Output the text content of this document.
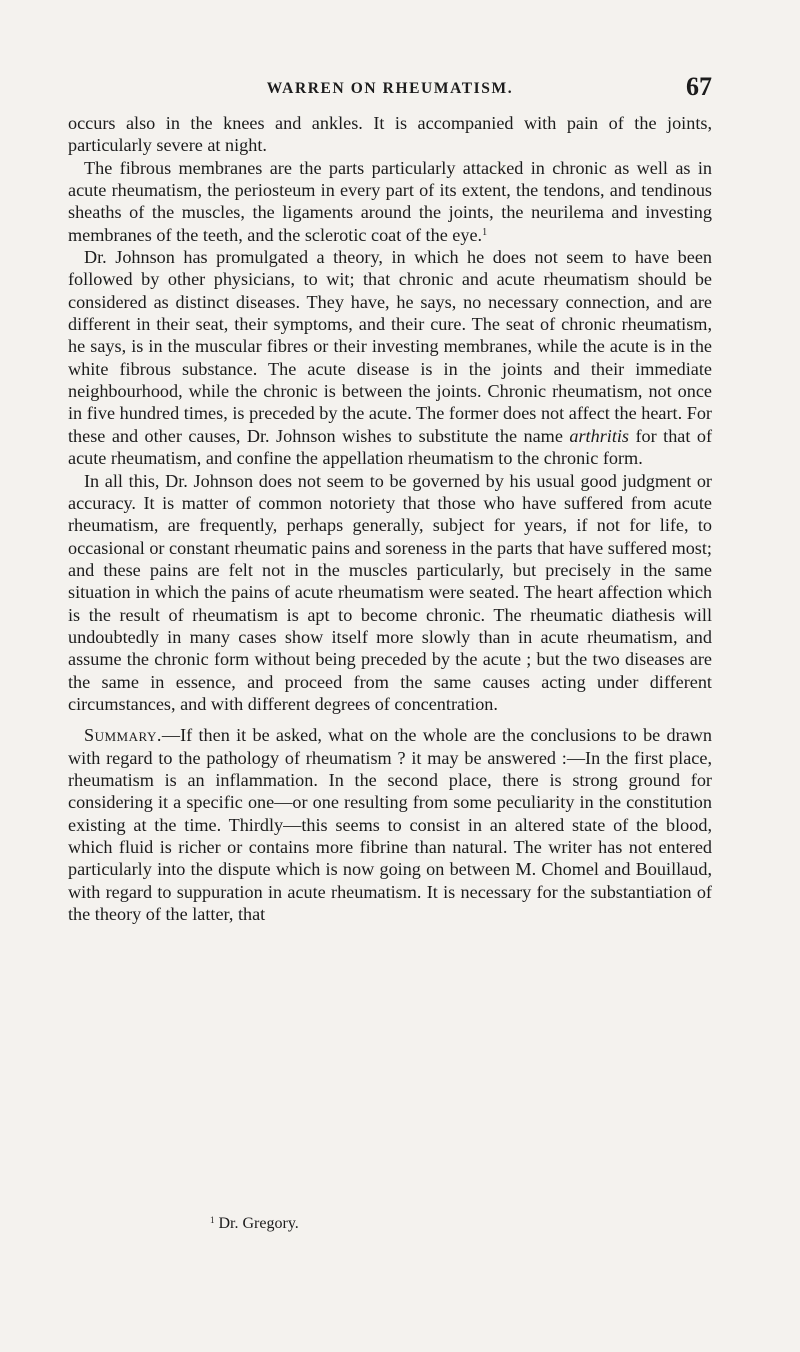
WARREN ON RHEUMATISM.	67

occurs also in the knees and ankles. It is accompanied with pain of the joints, particularly severe at night.

The fibrous membranes are the parts particularly attacked in chronic as well as in acute rheumatism, the periosteum in every part of its extent, the tendons, and tendinous sheaths of the muscles, the ligaments around the joints, the neurilema and investing membranes of the teeth, and the sclerotic coat of the eye.$^1$

Dr. Johnson has promulgated a theory, in which he does not seem to have been followed by other physicians, to wit; that chronic and acute rheumatism should be considered as distinct diseases. They have, he says, no necessary connection, and are different in their seat, their symptoms, and their cure. The seat of chronic rheumatism, he says, is in the muscular fibres or their investing membranes, while the acute is in the white fibrous substance. The acute disease is in the joints and their immediate neighbourhood, while the chronic is between the joints. Chronic rheumatism, not once in five hundred times, is preceded by the acute. The former does not affect the heart. For these and other causes, Dr. Johnson wishes to substitute the name arthritis for that of acute rheumatism, and confine the appellation rheumatism to the chronic form.

In all this, Dr. Johnson does not seem to be governed by his usual good judgment or accuracy. It is matter of common notoriety that those who have suffered from acute rheumatism, are frequently, perhaps generally, subject for years, if not for life, to occasional or constant rheumatic pains and soreness in the parts that have suffered most; and these pains are felt not in the muscles particularly, but precisely in the same situation in which the pains of acute rheumatism were seated. The heart affection which is the result of rheumatism is apt to become chronic. The rheumatic diathesis will undoubtedly in many cases show itself more slowly than in acute rheumatism, and assume the chronic form without being preceded by the acute ; but the two diseases are the same in essence, and proceed from the same causes acting under different circumstances, and with different degrees of concentration.

Summary.—If then it be asked, what on the whole are the conclusions to be drawn with regard to the pathology of rheumatism ? it may be answered :—In the first place, rheumatism is an inflammation. In the second place, there is strong ground for considering it a specific one—or one resulting from some peculiarity in the constitution existing at the time. Thirdly—this seems to consist in an altered state of the blood, which fluid is richer or contains more fibrine than natural. The writer has not entered particularly into the dispute which is now going on between M. Chomel and Bouillaud, with regard to suppuration in acute rheumatism. It is necessary for the substantiation of the theory of the latter, that

$^1$ Dr. Gregory.
